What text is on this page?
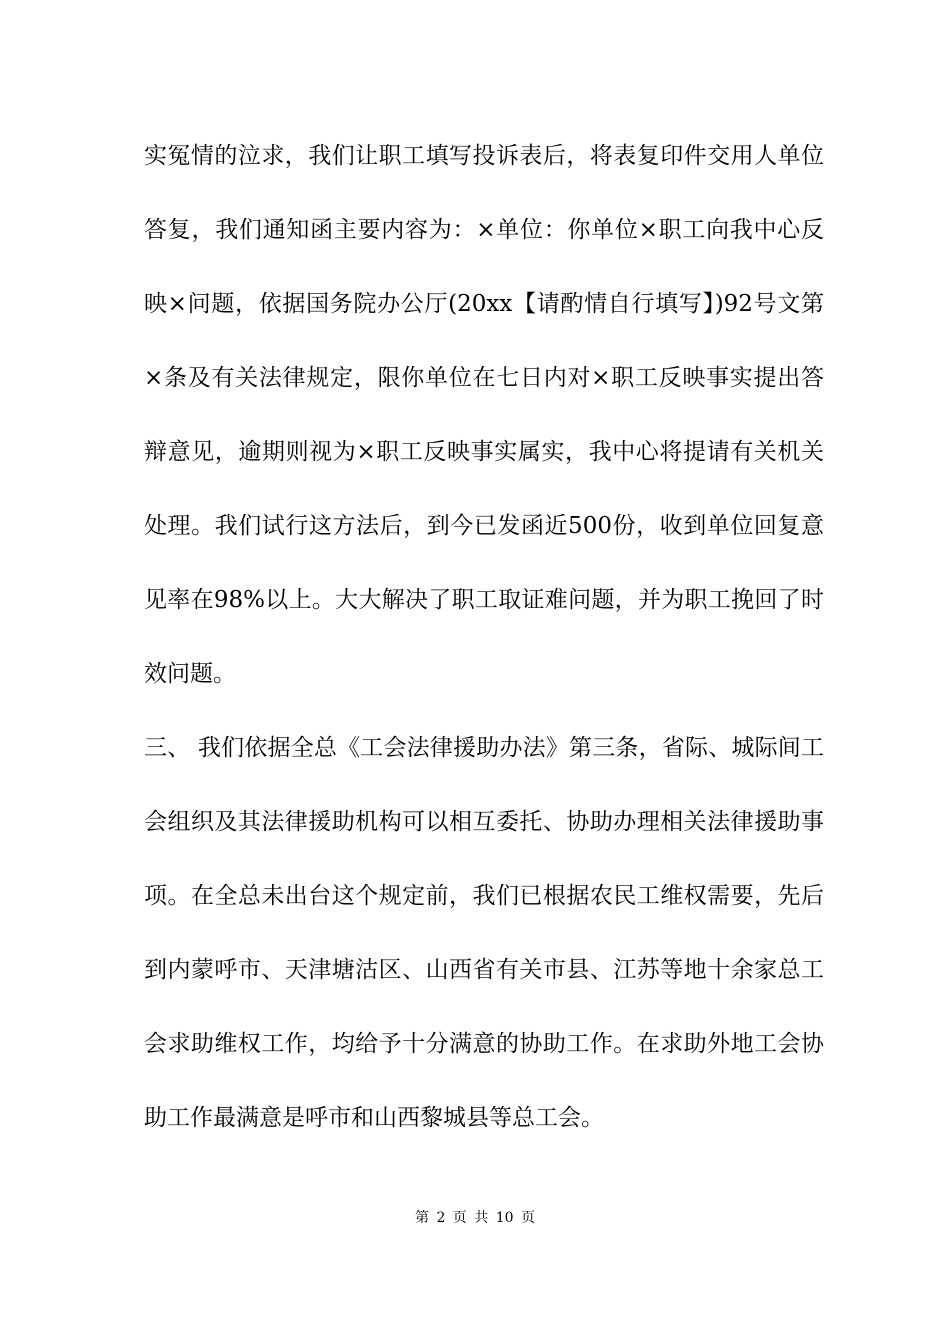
实冤情的泣求，我们让职工填写投诉表后，将表复印件交用人单位
答复，我们通知函主要内容为：×单位：你单位×职工向我中心反
映×问题，依据国务院办公厅(20xx【请酌情自行填写】)92号文第
×条及有关法律规定，限你单位在七日内对×职工反映事实提出答
辩意见，逾期则视为×职工反映事实属实，我中心将提请有关机关
处理。我们试行这方法后，到今已发函近500份，收到单位回复意
见率在98%以上。大大解决了职工取证难问题，并为职工挽回了时
效问题。
三、 我们依据全总《工会法律援助办法》第三条，省际、城际间工
会组织及其法律援助机构可以相互委托、协助办理相关法律援助事
项。在全总未出台这个规定前，我们已根据农民工维权需要，先后
到内蒙呼市、天津塘沽区、山西省有关市县、江苏等地十余家总工
会求助维权工作，均给予十分满意的协助工作。在求助外地工会协
助工作最满意是呼市和山西黎城县等总工会。
第 2 页 共 10 页
